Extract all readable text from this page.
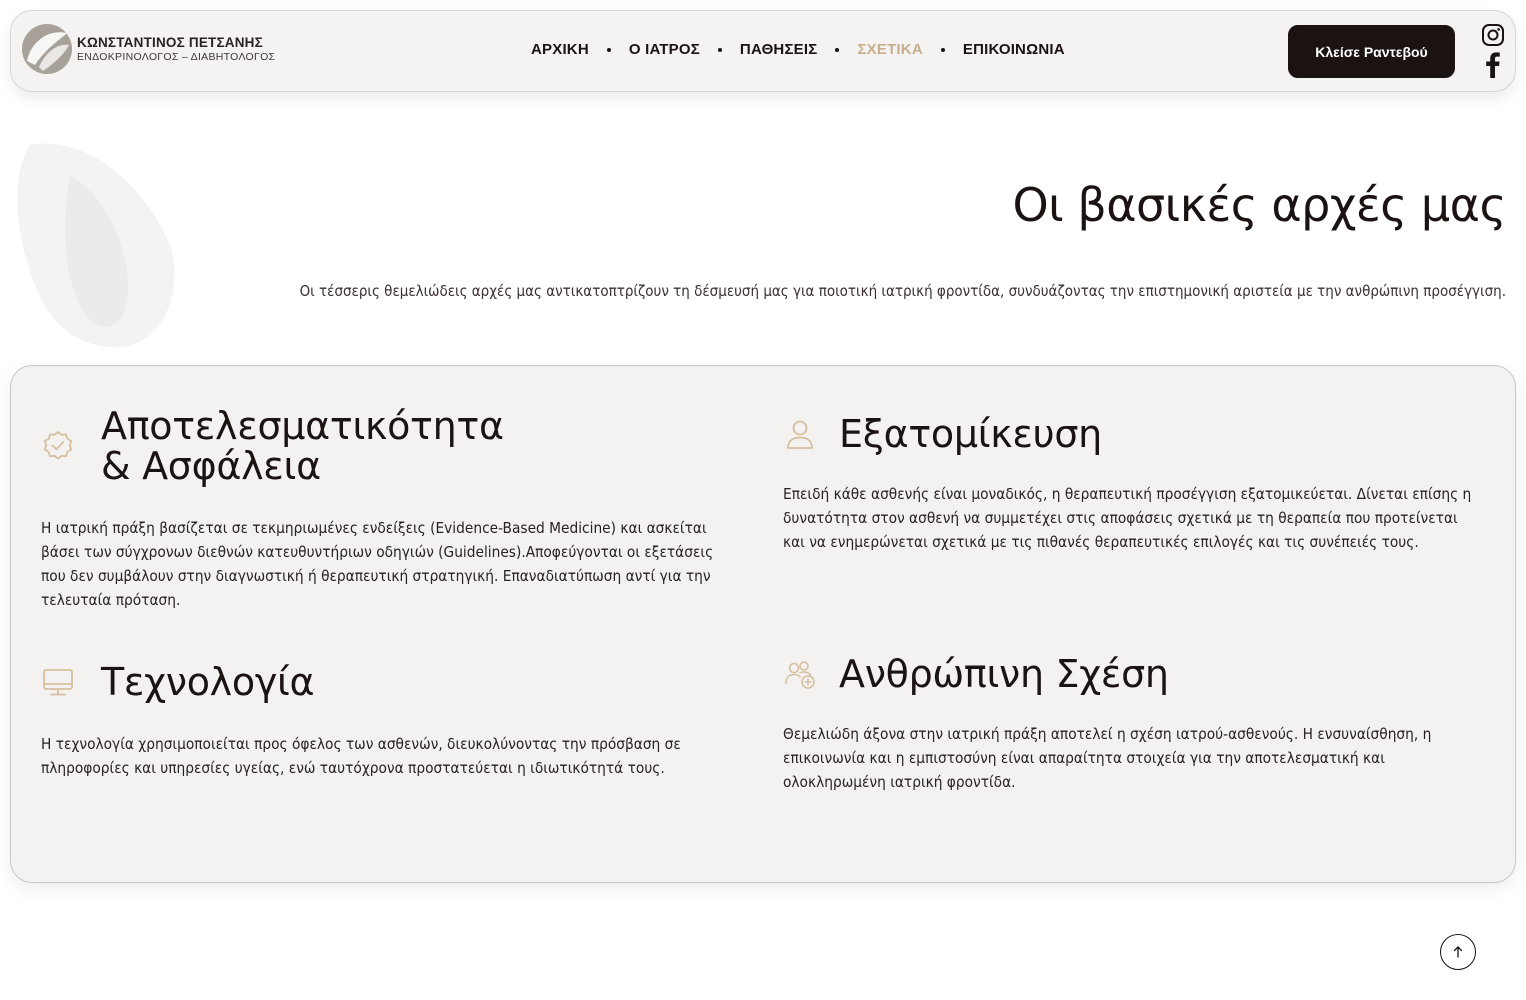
ΚΩΝΣΤΑΝΤΙΝΟΣ ΠΕΤΣΑΝΗΣ
ΕΝΔΟΚΡΙΝΟΛΟΓΟΣ – ΔΙΑΒΗΤΟΛΟΓΟΣ	ΑΡΧΙΚΗ	Ο ΙΑΤΡΟΣ	ΠΑΘΗΣΕΙΣ	ΣΧΕΤΙΚΑ	ΕΠΙΚΟΙΝΩΝΙΑ	Κλείσε Ραντεβού
Οι βασικές αρχές μας

Οι τέσσερις θεμελιώδεις αρχές μας αντικατοπτρίζουν τη δέσμευσή μας για ποιοτική ιατρική φροντίδα, συνδυάζοντας την επιστημονική αριστεία με την ανθρώπινη προσέγγιση.

Αποτελεσματικότητα & Ασφάλεια

Η ιατρική πράξη βασίζεται σε τεκμηριωμένες ενδείξεις (Evidence-Based Medicine) και ασκείται βάσει των σύγχρονων διεθνών κατευθυντήριων οδηγιών (Guidelines).Αποφεύγονται οι εξετάσεις που δεν συμβάλουν στην διαγνωστική ή θεραπευτική στρατηγική. Επαναδιατύπωση αντί για την τελευταία πρόταση.

Εξατομίκευση

Επειδή κάθε ασθενής είναι μοναδικός, η θεραπευτική προσέγγιση εξατομικεύεται. Δίνεται επίσης η δυνατότητα στον ασθενή να συμμετέχει στις αποφάσεις σχετικά με τη θεραπεία που προτείνεται και να ενημερώνεται σχετικά με τις πιθανές θεραπευτικές επιλογές και τις συνέπειές τους.

Τεχνολογία

Η τεχνολογία χρησιμοποιείται προς όφελος των ασθενών, διευκολύνοντας την πρόσβαση σε πληροφορίες και υπηρεσίες υγείας, ενώ ταυτόχρονα προστατεύεται η ιδιωτικότητά τους.

Ανθρώπινη Σχέση

Θεμελιώδη άξονα στην ιατρική πράξη αποτελεί η σχέση ιατρού-ασθενούς. Η ενσυναίσθηση, η επικοινωνία και η εμπιστοσύνη είναι απαραίτητα στοιχεία για την αποτελεσματική και ολοκληρωμένη ιατρική φροντίδα.
